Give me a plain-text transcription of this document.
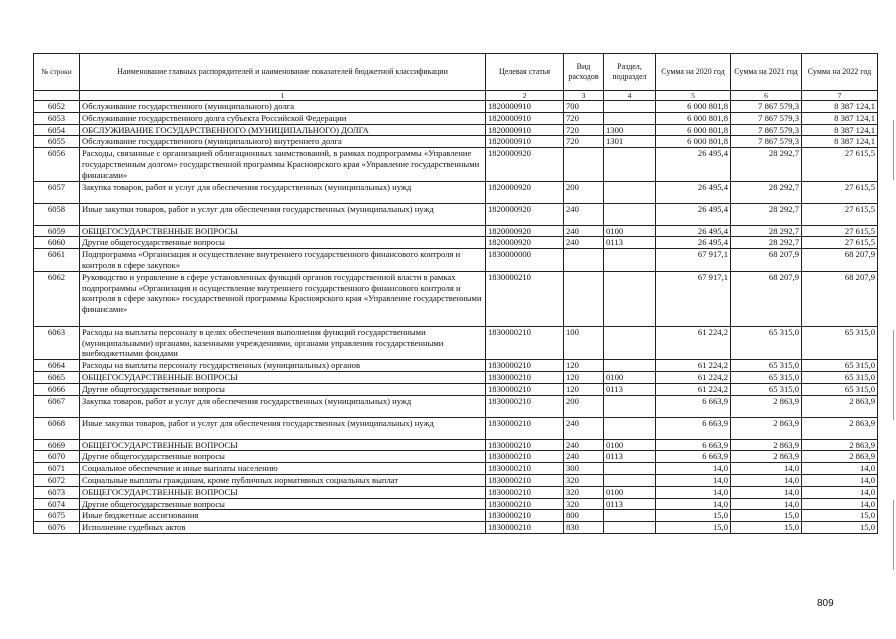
№ строки	Наименование главных распорядителей и наименование показателей бюджетной классификации	Целевая статья	Вид расходов	Раздел, подраздел	Сумма на 2020 год	Сумма на 2021 год	Сумма на 2022 год
	1	2	3	4	5	6	7
6052	Обслуживание государственного (муниципального) долга	1820000910	700		6 000 801,8	7 867 579,3	8 387 124,1
6053	Обслуживание государственного долга субъекта Российской Федерации	1820000910	720		6 000 801,8	7 867 579,3	8 387 124,1
6054	ОБСЛУЖИВАНИЕ ГОСУДАРСТВЕННОГО (МУНИЦИПАЛЬНОГО) ДОЛГА	1820000910	720	1300	6 000 801,8	7 867 579,3	8 387 124,1
6055	Обслуживание государственного (муниципального) внутреннего долга	1820000910	720	1301	6 000 801,8	7 867 579,3	8 387 124,1
6056	Расходы, связанные с организацией облигационных заимствований, в рамках подпрограммы «Управление государственным долгом» государственной программы Красноярского края «Управление государственными финансами»	1820000920			26 495,4	28 292,7	27 615,5
6057	Закупка товаров, работ и услуг для обеспечения государственных (муниципальных) нужд	1820000920	200		26 495,4	28 292,7	27 615,5
6058	Иные закупки товаров, работ и услуг для обеспечения государственных (муниципальных) нужд	1820000920	240		26 495,4	28 292,7	27 615,5
6059	ОБЩЕГОСУДАРСТВЕННЫЕ ВОПРОСЫ	1820000920	240	0100	26 495,4	28 292,7	27 615,5
6060	Другие общегосударственные вопросы	1820000920	240	0113	26 495,4	28 292,7	27 615,5
6061	Подпрограмма «Организация и осуществление внутреннего государственного финансового контроля и контроля в сфере закупок»	1830000000			67 917,1	68 207,9	68 207,9
6062	Руководство и управление в сфере установленных функций органов государственной власти в рамках подпрограммы «Организация и осуществление внутреннего государственного финансового контроля и контроля в сфере закупок» государственной программы Красноярского края «Управление государственными финансами»	1830000210			67 917,1	68 207,9	68 207,9
6063	Расходы на выплаты персоналу в целях обеспечения выполнения функций государственными (муниципальными) органами, казенными учреждениями, органами управления государственными внебюджетными фондами	1830000210	100		61 224,2	65 315,0	65 315,0
6064	Расходы на выплаты персоналу государственных (муниципальных) органов	1830000210	120		61 224,2	65 315,0	65 315,0
6065	ОБЩЕГОСУДАРСТВЕННЫЕ ВОПРОСЫ	1830000210	120	0100	61 224,2	65 315,0	65 315,0
6066	Другие общегосударственные вопросы	1830000210	120	0113	61 224,2	65 315,0	65 315,0
6067	Закупка товаров, работ и услуг для обеспечения государственных (муниципальных) нужд	1830000210	200		6 663,9	2 863,9	2 863,9
6068	Иные закупки товаров, работ и услуг для обеспечения государственных (муниципальных) нужд	1830000210	240		6 663,9	2 863,9	2 863,9
6069	ОБЩЕГОСУДАРСТВЕННЫЕ ВОПРОСЫ	1830000210	240	0100	6 663,9	2 863,9	2 863,9
6070	Другие общегосударственные вопросы	1830000210	240	0113	6 663,9	2 863,9	2 863,9
6071	Социальное обеспечение и иные выплаты населению	1830000210	300		14,0	14,0	14,0
6072	Социальные выплаты гражданам, кроме публичных нормативных социальных выплат	1830000210	320		14,0	14,0	14,0
6073	ОБЩЕГОСУДАРСТВЕННЫЕ ВОПРОСЫ	1830000210	320	0100	14,0	14,0	14,0
6074	Другие общегосударственные вопросы	1830000210	320	0113	14,0	14,0	14,0
6075	Иные бюджетные ассигнования	1830000210	800		15,0	15,0	15,0
6076	Исполнение судебных актов	1830000210	830		15,0	15,0	15,0
809
